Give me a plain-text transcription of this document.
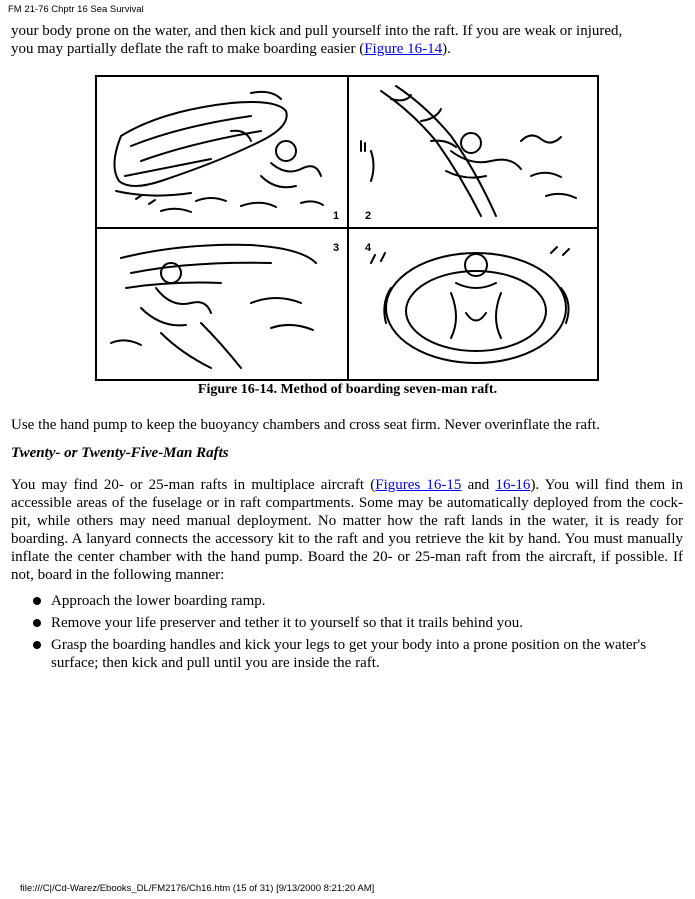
FM 21-76 Chptr 16 Sea Survival

your body prone on the water, and then kick and pull yourself into the raft. If you are weak or injured,

you may partially deflate the raft to make boarding easier (Figure 16-14).

1 2
3 4
Figure 16-14. Method of boarding seven-man raft.

Use the hand pump to keep the buoyancy chambers and cross seat firm. Never overinflate the raft.

Twenty- or Twenty-Five-Man Rafts

You may find 20- or 25-man rafts in multiplace aircraft (Figures 16-15 and 16-16). You will find them in accessible areas of the fuselage or in raft compartments. Some may be automatically deployed from the cock-pit, while others may need manual deployment. No matter how the raft lands in the water, it is ready for boarding. A lanyard connects the accessory kit to the raft and you retrieve the kit by hand. You must manually inflate the center chamber with the hand pump. Board the 20- or 25-man raft from the aircraft, if possible. If not, board in the following manner:

Approach the lower boarding ramp.
Remove your life preserver and tether it to yourself so that it trails behind you.
Grasp the boarding handles and kick your legs to get your body into a prone position on the water's surface; then kick and pull until you are inside the raft.
file:///C|/Cd-Warez/Ebooks_DL/FM2176/Ch16.htm (15 of 31) [9/13/2000 8:21:20 AM]
